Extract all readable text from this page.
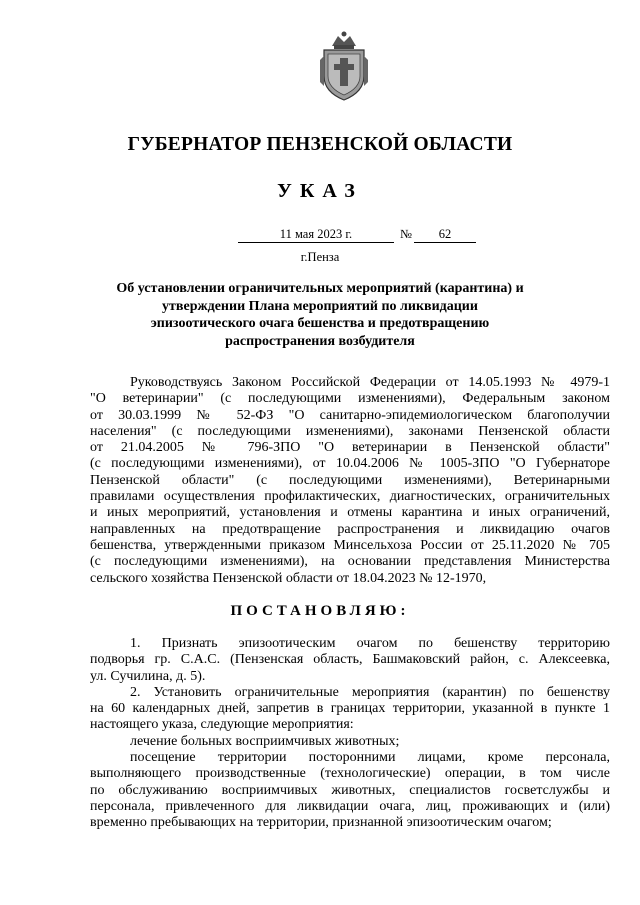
ГУБЕРНАТОР ПЕНЗЕНСКОЙ ОБЛАСТИ
УКАЗ
11 мая 2023 г.	№	62
г.Пенза
Об установлении ограничительных мероприятий (карантина) и
утверждении Плана мероприятий по ликвидации
эпизоотического очага бешенства и предотвращению
распространения возбудителя
Руководствуясь Законом Российской Федерации от 14.05.1993 № 4979-1
"О ветеринарии" (с последующими изменениями), Федеральным законом
от 30.03.1999 № 52-ФЗ "О санитарно-эпидемиологическом благополучии
населения" (с последующими изменениями), законами Пензенской области
от 21.04.2005 № 796-ЗПО "О ветеринарии в Пензенской области"
(с последующими изменениями), от 10.04.2006 № 1005-ЗПО "О Губернаторе
Пензенской области" (с последующими изменениями), Ветеринарными
правилами осуществления профилактических, диагностических, ограничительных
и иных мероприятий, установления и отмены карантина и иных ограничений,
направленных на предотвращение распространения и ликвидацию очагов
бешенства, утвержденными приказом Минсельхоза России от 25.11.2020 № 705
(с последующими изменениями), на основании представления Министерства
сельского хозяйства Пензенской области от 18.04.2023 № 12-1970,
ПОСТАНОВЛЯЮ:
1. Признать эпизоотическим очагом по бешенству территорию
подворья гр. С.А.С. (Пензенская область, Башмаковский район, с. Алексеевка,
ул. Сучилина, д. 5).
2. Установить ограничительные мероприятия (карантин) по бешенству
на 60 календарных дней, запретив в границах территории, указанной в пункте 1
настоящего указа, следующие мероприятия:
лечение больных восприимчивых животных;
посещение территории посторонними лицами, кроме персонала,
выполняющего производственные (технологические) операции, в том числе
по обслуживанию восприимчивых животных, специалистов госветслужбы и
персонала, привлеченного для ликвидации очага, лиц, проживающих и (или)
временно пребывающих на территории, признанной эпизоотическим очагом;
